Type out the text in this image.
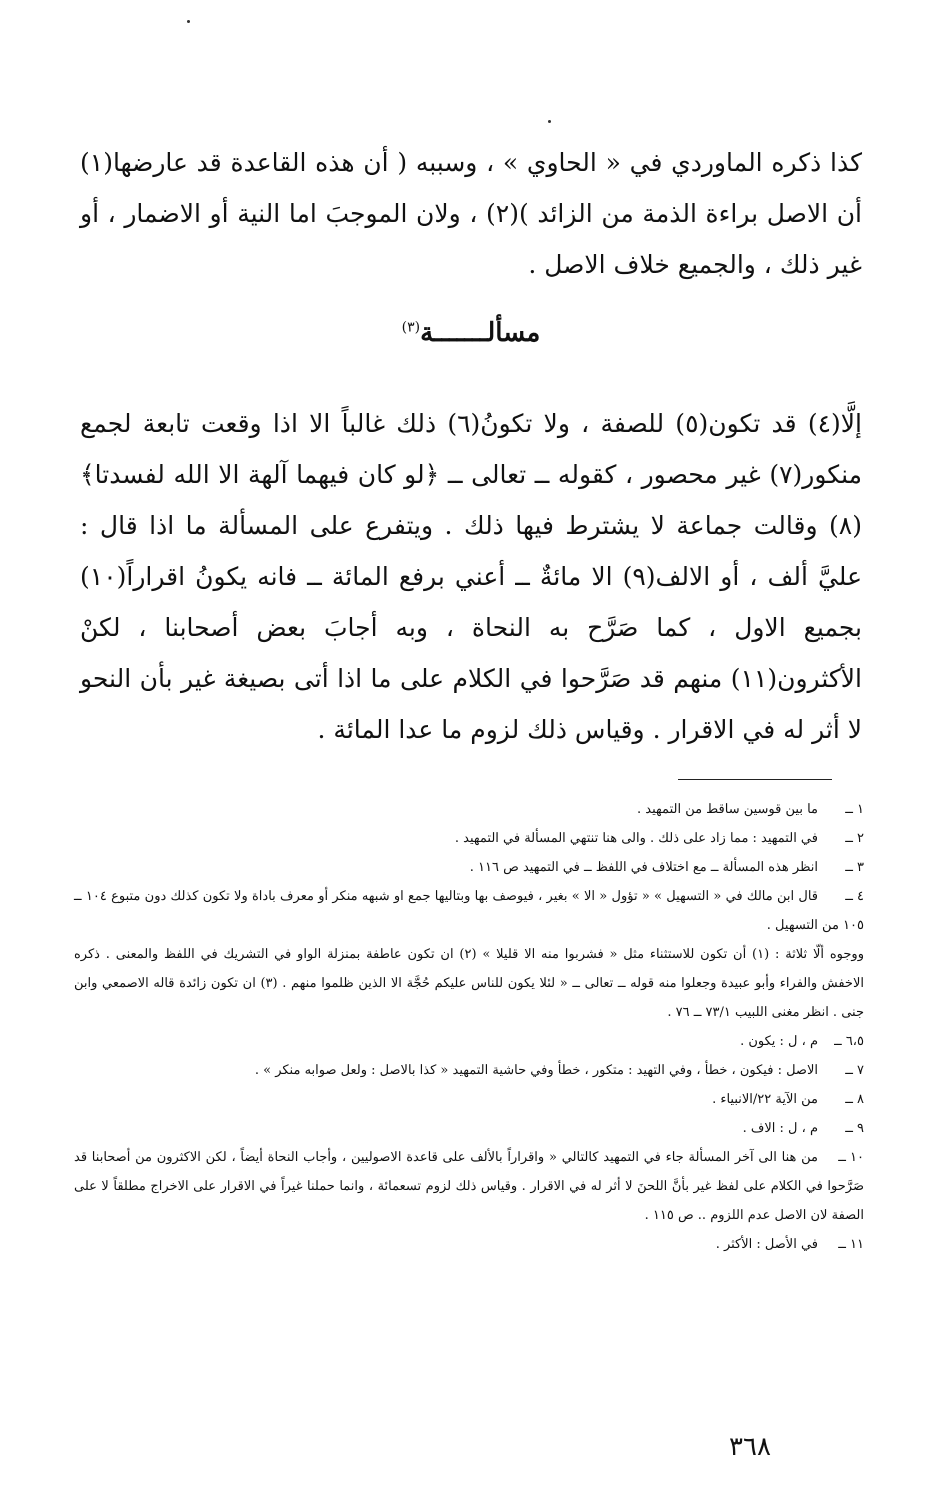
كذا ذكره الماوردي في « الحاوي » ، وسببه ( أن هذه القاعدة قد عارضها(١) أن الاصل براءة الذمة من الزائد )(٢) ، ولان الموجبَ اما النية أو الاضمار ، أو غير ذلك ، والجميع خلاف الاصل .

مسألـــــــة$^{(٣)}$

إلَّا(٤) قد تكون(٥) للصفة ، ولا تكونُ(٦) ذلك غالباً الا اذا وقعت تابعة لجمع منكور(٧) غير محصور ، كقوله ــ تعالى ــ ﴿لو كان فيهما آلهة الا الله لفسدتا﴾(٨) وقالت جماعة لا يشترط فيها ذلك . ويتفرع على المسألة ما اذا قال : عليَّ ألف ، أو الالف(٩) الا مائةٌ ــ أعني برفع المائة ــ فانه يكونُ اقراراً(١٠) بجميع الاول ، كما صَرَّح به النحاة ، وبه أجابَ بعض أصحابنا ، لكنْ الأكثرون(١١) منهم قد صَرَّحوا في الكلام على ما اذا أتى بصيغة غير بأن النحو لا أثر له في الاقرار . وقياس ذلك لزوم ما عدا المائة .

١ ــما بين قوسين ساقط من التمهيد .
٢ ــفي التمهيد : مما زاد على ذلك . والى هنا تنتهي المسألة في التمهيد .
٣ ــانظر هذه المسألة ــ مع اختلاف في اللفظ ــ في التمهيد ص ١١٦ .
٤ ــقال ابن مالك في « التسهيل » « تؤول « الا » بغير ، فيوصف بها وبتاليها جمع او شبهه منكر أو معرف باداة ولا تكون كذلك دون متبوع ١٠٤ ــ ١٠٥ من التسهيل .
ووجوه ألّا ثلاثة : (١) أن تكون للاستثناء مثل « فشربوا منه الا قليلا » (٢) ان تكون عاطفة بمنزلة الواو في التشريك في اللفظ والمعنى . ذكره الاخفش والفراء وأبو عبيدة وجعلوا منه قوله ــ تعالى ــ « لئلا يكون للناس عليكم حُجَّة الا الذين ظلموا منهم . (٣) ان تكون زائدة قاله الاصمعي وابن جنى . انظر مغنى اللبيب ٧٣/١ ــ ٧٦ .
٦،٥ ــم ، ل : يكون .
٧ ــالاصل : فيكون ، خطأ ، وفي التهيد : متكور ، خطأ وفي حاشية التمهيد « كذا بالاصل : ولعل صوابه منكر » .
٨ ــمن الآية ٢٢/الانبياء .
٩ ــم ، ل : الاف .
١٠ ــمن هنا الى آخر المسألة جاء في التمهيد كالتالي « واقراراً بالألف على قاعدة الاصوليين ، وأجاب النحاة أيضاً ، لكن الاكثرون من أصحابنا قد صَرَّحوا في الكلام على لفظ غير بأنَّ اللحنَ لا أثر له في الاقرار . وقياس ذلك لزوم تسعمائة ، وانما حملنا غيراً في الاقرار على الاخراج مطلقاً لا على الصفة لان الاصل عدم اللزوم .. ص ١١٥ .
١١ ــفي الأصل : الأكثر .
٣٦٨
